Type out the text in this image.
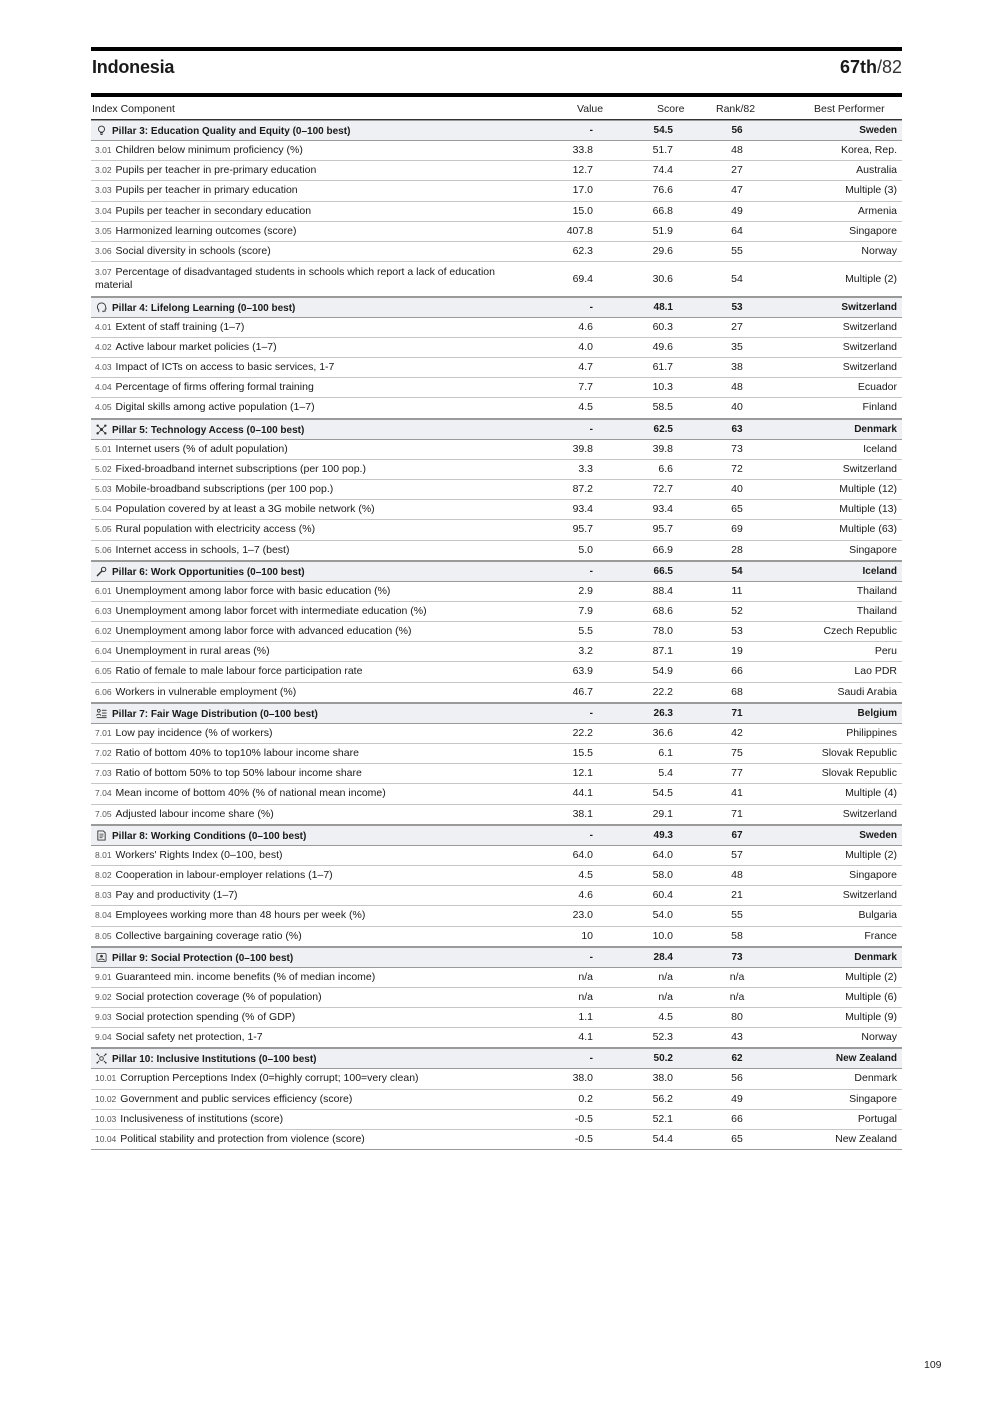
Indonesia	67th/82
Index Component	Value	Score	Rank/82	Best Performer
Pillar 3: Education Quality and Equity (0–100 best)	-	54.5	56	Sweden
3.01 Children below minimum proficiency (%)	33.8	51.7	48	Korea, Rep.
3.02 Pupils per teacher in pre-primary education	12.7	74.4	27	Australia
3.03 Pupils per teacher in primary education	17.0	76.6	47	Multiple (3)
3.04 Pupils per teacher in secondary education	15.0	66.8	49	Armenia
3.05 Harmonized learning outcomes (score)	407.8	51.9	64	Singapore
3.06 Social diversity in schools (score)	62.3	29.6	55	Norway
3.07 Percentage of disadvantaged students in schools which report a lack of education material	69.4	30.6	54	Multiple (2)
Pillar 4: Lifelong Learning (0–100 best)	-	48.1	53	Switzerland
4.01 Extent of staff training (1–7)	4.6	60.3	27	Switzerland
4.02 Active labour market policies (1–7)	4.0	49.6	35	Switzerland
4.03 Impact of ICTs on access to basic services, 1-7	4.7	61.7	38	Switzerland
4.04 Percentage of firms offering formal training	7.7	10.3	48	Ecuador
4.05 Digital skills among active population (1–7)	4.5	58.5	40	Finland
Pillar 5: Technology Access (0–100 best)	-	62.5	63	Denmark
5.01 Internet users (% of adult population)	39.8	39.8	73	Iceland
5.02 Fixed-broadband internet subscriptions (per 100 pop.)	3.3	6.6	72	Switzerland
5.03 Mobile-broadband subscriptions (per 100 pop.)	87.2	72.7	40	Multiple (12)
5.04 Population covered by at least a 3G mobile network (%)	93.4	93.4	65	Multiple (13)
5.05 Rural population with electricity access (%)	95.7	95.7	69	Multiple (63)
5.06 Internet access in schools, 1–7 (best)	5.0	66.9	28	Singapore
Pillar 6: Work Opportunities (0–100 best)	-	66.5	54	Iceland
6.01 Unemployment among labor force with basic education (%)	2.9	88.4	11	Thailand
6.03 Unemployment among labor forcet with intermediate education (%)	7.9	68.6	52	Thailand
6.02 Unemployment among labor force with advanced education (%)	5.5	78.0	53	Czech Republic
6.04 Unemployment in rural areas (%)	3.2	87.1	19	Peru
6.05 Ratio of female to male labour force participation rate	63.9	54.9	66	Lao PDR
6.06 Workers in vulnerable employment (%)	46.7	22.2	68	Saudi Arabia
Pillar 7: Fair Wage Distribution (0–100 best)	-	26.3	71	Belgium
7.01 Low pay incidence (% of workers)	22.2	36.6	42	Philippines
7.02 Ratio of bottom 40% to top10% labour income share	15.5	6.1	75	Slovak Republic
7.03 Ratio of bottom 50% to top 50% labour income share	12.1	5.4	77	Slovak Republic
7.04 Mean income of bottom 40% (% of national mean income)	44.1	54.5	41	Multiple (4)
7.05 Adjusted labour income share (%)	38.1	29.1	71	Switzerland
Pillar 8: Working Conditions (0–100 best)	-	49.3	67	Sweden
8.01 Workers' Rights Index (0–100, best)	64.0	64.0	57	Multiple (2)
8.02 Cooperation in labour-employer relations (1–7)	4.5	58.0	48	Singapore
8.03 Pay and productivity (1–7)	4.6	60.4	21	Switzerland
8.04 Employees working more than 48 hours per week (%)	23.0	54.0	55	Bulgaria
8.05 Collective bargaining coverage ratio (%)	10	10.0	58	France
Pillar 9: Social Protection (0–100 best)	-	28.4	73	Denmark
9.01 Guaranteed min. income benefits (% of median income)	n/a	n/a	n/a	Multiple (2)
9.02 Social protection coverage (% of population)	n/a	n/a	n/a	Multiple (6)
9.03 Social protection spending (% of GDP)	1.1	4.5	80	Multiple (9)
9.04 Social safety net protection, 1-7	4.1	52.3	43	Norway
Pillar 10: Inclusive Institutions (0–100 best)	-	50.2	62	New Zealand
10.01 Corruption Perceptions Index (0=highly corrupt; 100=very clean)	38.0	38.0	56	Denmark
10.02 Government and public services efficiency (score)	0.2	56.2	49	Singapore
10.03 Inclusiveness of institutions (score)	-0.5	52.1	66	Portugal
10.04 Political stability and protection from violence (score)	-0.5	54.4	65	New Zealand
109
